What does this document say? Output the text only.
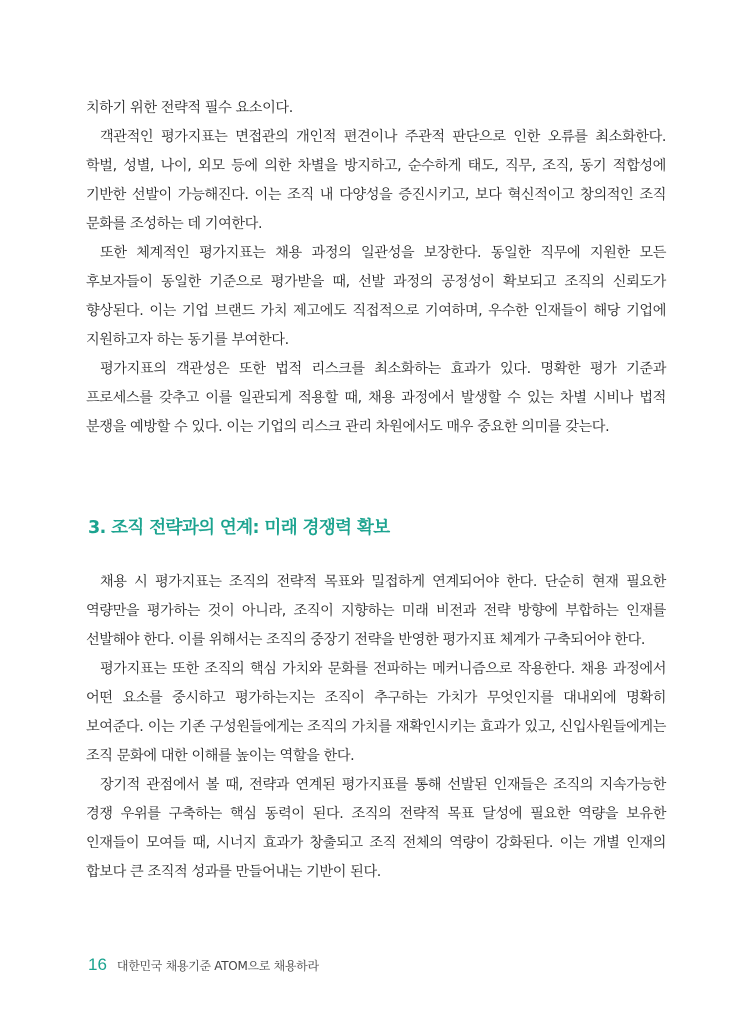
치하기 위한 전략적 필수 요소이다.

객관적인 평가지표는 면접관의 개인적 편견이나 주관적 판단으로 인한 오류를 최소화한다. 학벌, 성별, 나이, 외모 등에 의한 차별을 방지하고, 순수하게 태도, 직무, 조직, 동기 적합성에 기반한 선발이 가능해진다. 이는 조직 내 다양성을 증진시키고, 보다 혁신적이고 창의적인 조직 문화를 조성하는 데 기여한다.

또한 체계적인 평가지표는 채용 과정의 일관성을 보장한다. 동일한 직무에 지원한 모든 후보자들이 동일한 기준으로 평가받을 때, 선발 과정의 공정성이 확보되고 조직의 신뢰도가 향상된다. 이는 기업 브랜드 가치 제고에도 직접적으로 기여하며, 우수한 인재들이 해당 기업에 지원하고자 하는 동기를 부여한다.

평가지표의 객관성은 또한 법적 리스크를 최소화하는 효과가 있다. 명확한 평가 기준과 프로세스를 갖추고 이를 일관되게 적용할 때, 채용 과정에서 발생할 수 있는 차별 시비나 법적 분쟁을 예방할 수 있다. 이는 기업의 리스크 관리 차원에서도 매우 중요한 의미를 갖는다.

3. 조직 전략과의 연계: 미래 경쟁력 확보

채용 시 평가지표는 조직의 전략적 목표와 밀접하게 연계되어야 한다. 단순히 현재 필요한 역량만을 평가하는 것이 아니라, 조직이 지향하는 미래 비전과 전략 방향에 부합하는 인재를 선발해야 한다. 이를 위해서는 조직의 중장기 전략을 반영한 평가지표 체계가 구축되어야 한다.

평가지표는 또한 조직의 핵심 가치와 문화를 전파하는 메커니즘으로 작용한다. 채용 과정에서 어떤 요소를 중시하고 평가하는지는 조직이 추구하는 가치가 무엇인지를 대내외에 명확히 보여준다. 이는 기존 구성원들에게는 조직의 가치를 재확인시키는 효과가 있고, 신입사원들에게는 조직 문화에 대한 이해를 높이는 역할을 한다.

장기적 관점에서 볼 때, 전략과 연계된 평가지표를 통해 선발된 인재들은 조직의 지속가능한 경쟁 우위를 구축하는 핵심 동력이 된다. 조직의 전략적 목표 달성에 필요한 역량을 보유한 인재들이 모여들 때, 시너지 효과가 창출되고 조직 전체의 역량이 강화된다. 이는 개별 인재의 합보다 큰 조직적 성과를 만들어내는 기반이 된다.

16 대한민국 채용기준 ATOM으로 채용하라
